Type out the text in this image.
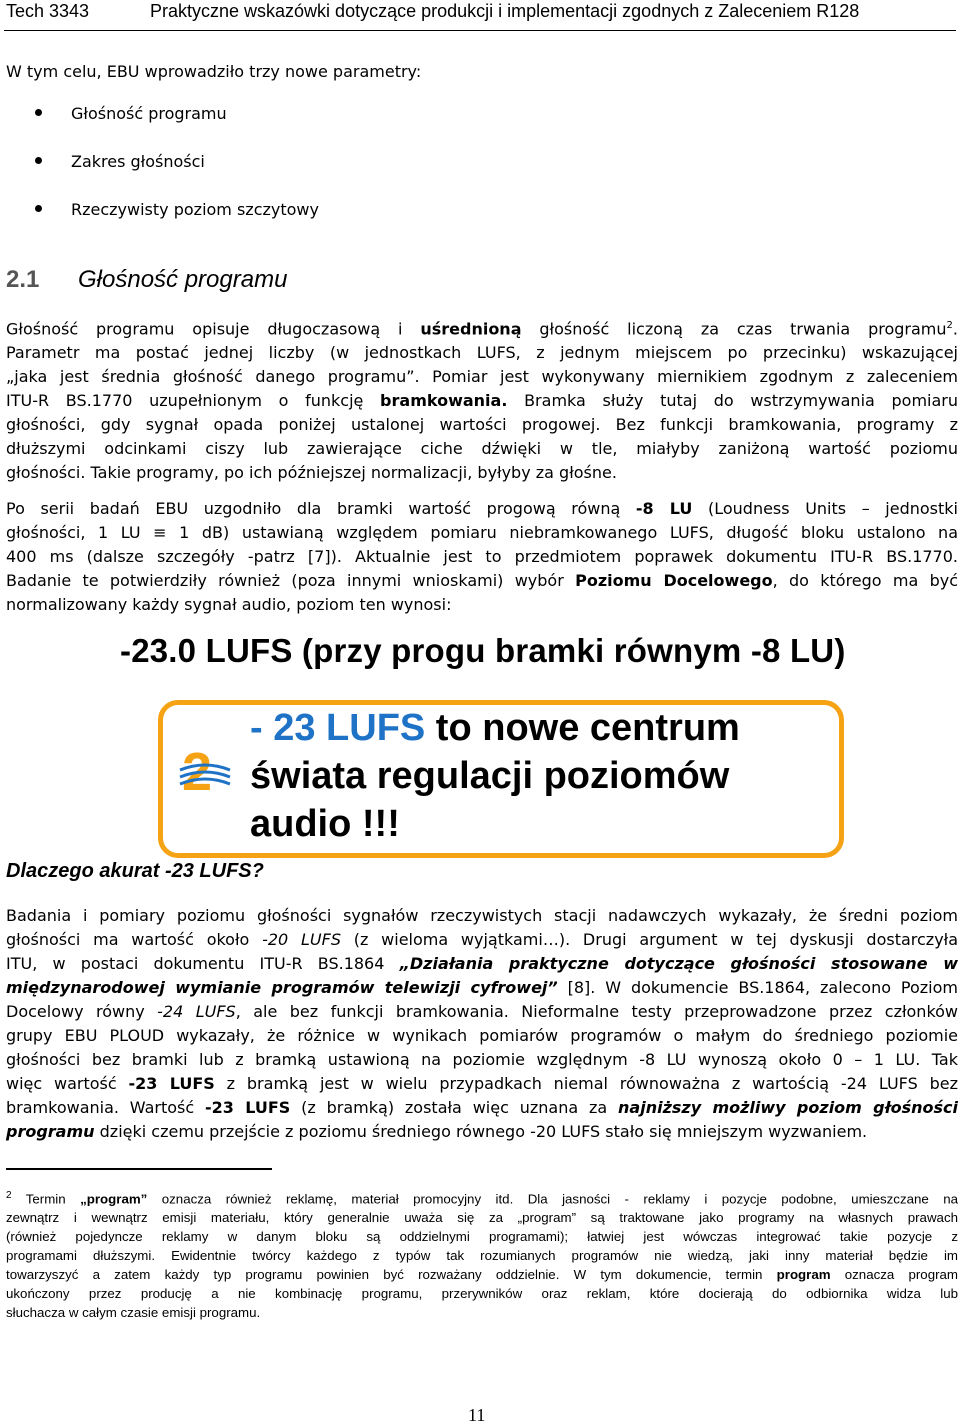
Tech 3343	Praktyczne wskazówki dotyczące produkcji i implementacji zgodnych z Zaleceniem R128
W tym celu, EBU wprowadziło trzy nowe parametry:
Głośność programu
Zakres głośności
Rzeczywisty poziom szczytowy
2.1 Głośność programu

Głośność programu opisuje długoczasową i uśrednioną głośność liczoną za czas trwania programu$^2$.
Parametr ma postać jednej liczby (w jednostkach LUFS, z jednym miejscem po przecinku) wskazującej
„jaka jest średnia głośność danego programu”. Pomiar jest wykonywany miernikiem zgodnym z zaleceniem
ITU-R BS.1770 uzupełnionym o funkcję bramkowania. Bramka służy tutaj do wstrzymywania pomiaru
głośności, gdy sygnał opada poniżej ustalonej wartości progowej. Bez funkcji bramkowania, programy z
dłuższymi odcinkami ciszy lub zawierające ciche dźwięki w tle, miałyby zaniżoną wartość poziomu
głośności. Takie programy, po ich późniejszej normalizacji, byłyby za głośne.

Po serii badań EBU uzgodniło dla bramki wartość progową równą -8 LU (Loudness Units – jednostki
głośności, 1 LU ≡ 1 dB) ustawianą względem pomiaru niebramkowanego LUFS, długość bloku ustalono na
400 ms (dalsze szczegóły -patrz [7]). Aktualnie jest to przedmiotem poprawek dokumentu ITU-R BS.1770.
Badanie te potwierdziły również (poza innymi wnioskami) wybór Poziomu Docelowego, do którego ma być
normalizowany każdy sygnał audio, poziom ten wynosi:

-23.0 LUFS (przy progu bramki równym -8 LU)
2
- 23 LUFS to nowe centrum
świata regulacji poziomów
audio !!!
Dlaczego akurat -23 LUFS?

Badania i pomiary poziomu głośności sygnałów rzeczywistych stacji nadawczych wykazały, że średni poziom
głośności ma wartość około -20 LUFS (z wieloma wyjątkami…). Drugi argument w tej dyskusji dostarczyła
ITU, w postaci dokumentu ITU-R BS.1864 „Działania praktyczne dotyczące głośności stosowane w
międzynarodowej wymianie programów telewizji cyfrowej” [8]. W dokumencie BS.1864, zalecono Poziom
Docelowy równy -24 LUFS, ale bez funkcji bramkowania. Nieformalne testy przeprowadzone przez członków
grupy EBU PLOUD wykazały, że różnice w wynikach pomiarów programów o małym do średniego poziomie
głośności bez bramki lub z bramką ustawioną na poziomie względnym -8 LU wynoszą około 0 – 1 LU. Tak
więc wartość -23 LUFS z bramką jest w wielu przypadkach niemal równoważna z wartością -24 LUFS bez
bramkowania. Wartość -23 LUFS (z bramką) została więc uznana za najniższy możliwy poziom głośności
programu dzięki czemu przejście z poziomu średniego równego -20 LUFS stało się mniejszym wyzwaniem.

$^2$ Termin „program” oznacza również reklamę, materiał promocyjny itd. Dla jasności - reklamy i pozycje podobne, umieszczane na
zewnątrz i wewnątrz emisji materiału, który generalnie uważa się za „program” są traktowane jako programy na własnych prawach
(również pojedyncze reklamy w danym bloku są oddzielnymi programami); łatwiej jest wówczas integrować takie pozycje z
programami dłuższymi. Ewidentnie twórcy każdego z typów tak rozumianych programów nie wiedzą, jaki inny materiał będzie im
towarzyszyć a zatem każdy typ programu powinien być rozważany oddzielnie. W tym dokumencie, termin program oznacza program
ukończony przez producję a nie kombinację programu, przerywników oraz reklam, które docierają do odbiornika widza lub
słuchacza w całym czasie emisji programu.
11
